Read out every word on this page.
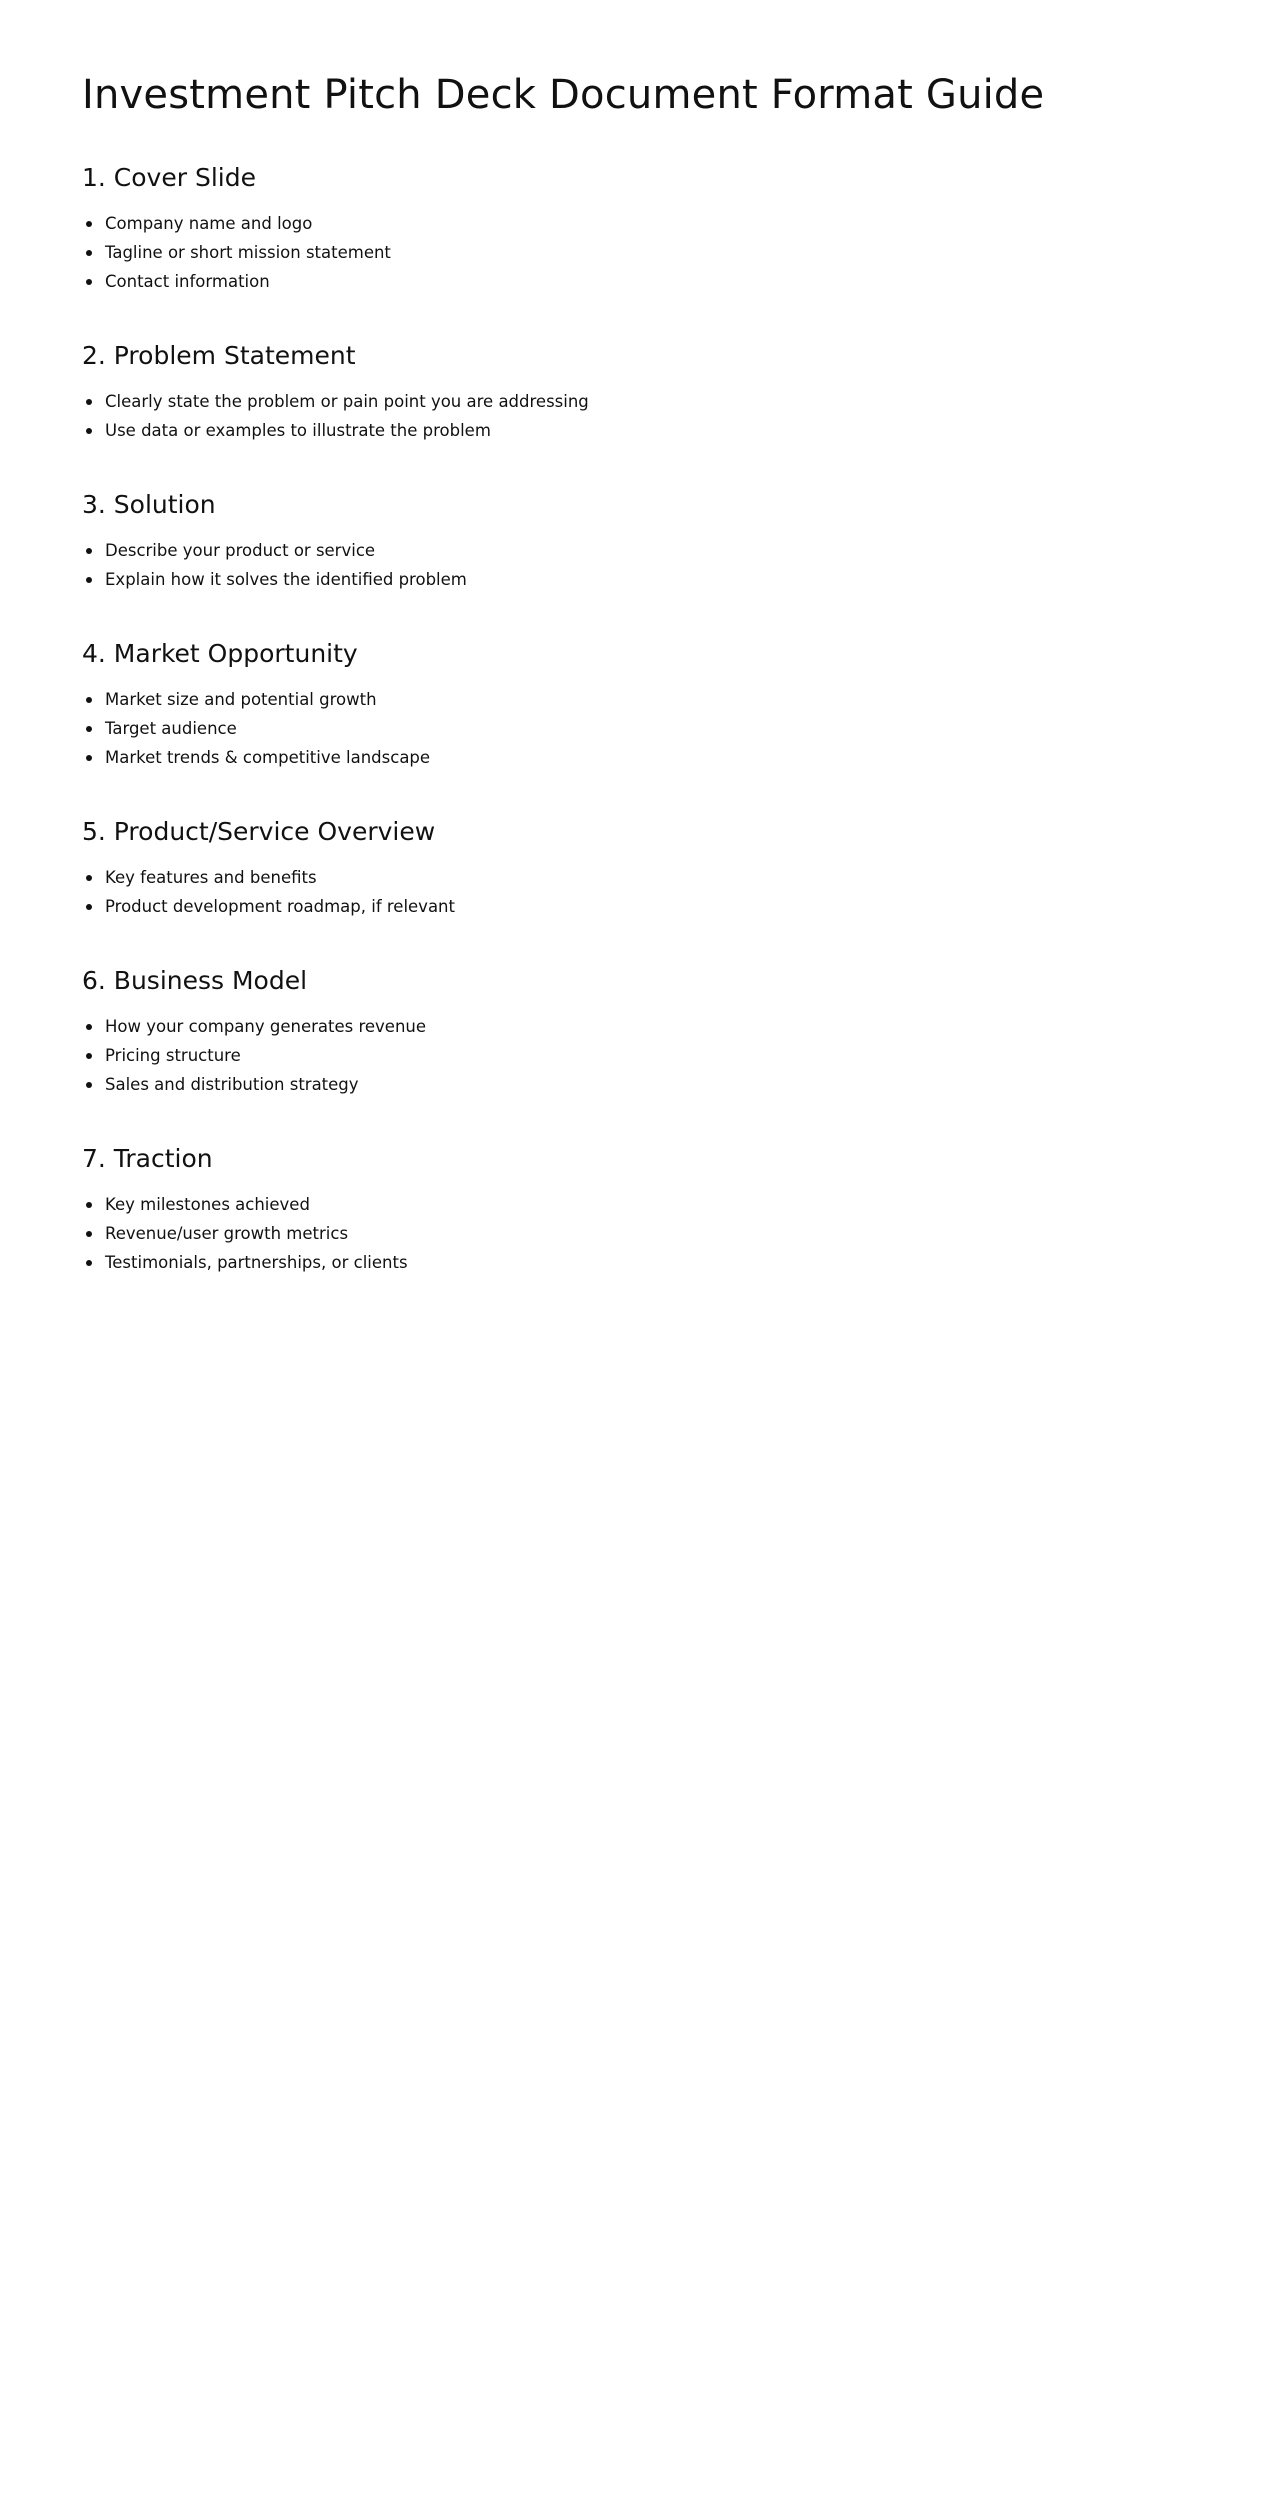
Investment Pitch Deck Document Format Guide
1. Cover Slide
Company name and logo
Tagline or short mission statement
Contact information
2. Problem Statement
Clearly state the problem or pain point you are addressing
Use data or examples to illustrate the problem
3. Solution
Describe your product or service
Explain how it solves the identified problem
4. Market Opportunity
Market size and potential growth
Target audience
Market trends & competitive landscape
5. Product/Service Overview
Key features and benefits
Product development roadmap, if relevant
6. Business Model
How your company generates revenue
Pricing structure
Sales and distribution strategy
7. Traction
Key milestones achieved
Revenue/user growth metrics
Testimonials, partnerships, or clients
